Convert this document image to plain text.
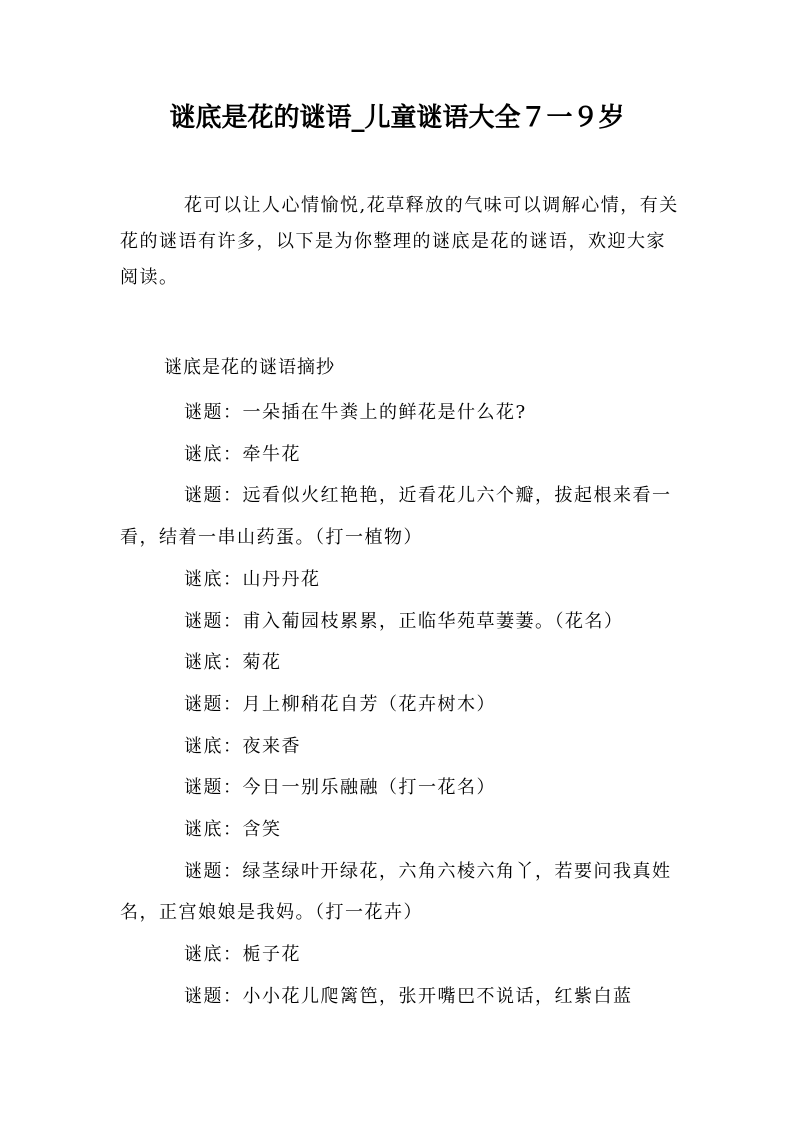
谜底是花的谜语_儿童谜语大全７一９岁

花可以让人心情愉悦,花草释放的气味可以调解心情，有关花的谜语有许多，以下是为你整理的谜底是花的谜语，欢迎大家阅读。

谜底是花的谜语摘抄

谜题：一朵插在牛粪上的鲜花是什么花?

谜底：牵牛花

谜题：远看似火红艳艳，近看花儿六个瓣，拔起根来看一看，结着一串山药蛋。（打一植物）

谜底：山丹丹花

谜题：甫入葡园枝累累，正临华苑草萋萋。（花名）

谜底：菊花

谜题：月上柳稍花自芳（花卉树木）

谜底：夜来香

谜题：今日一别乐融融（打一花名）

谜底：含笑

谜题：绿茎绿叶开绿花，六角六棱六角丫，若要问我真姓名，正宫娘娘是我妈。（打一花卉）

谜底：栀子花

谜题：小小花儿爬篱笆，张开嘴巴不说话，红紫白蓝
